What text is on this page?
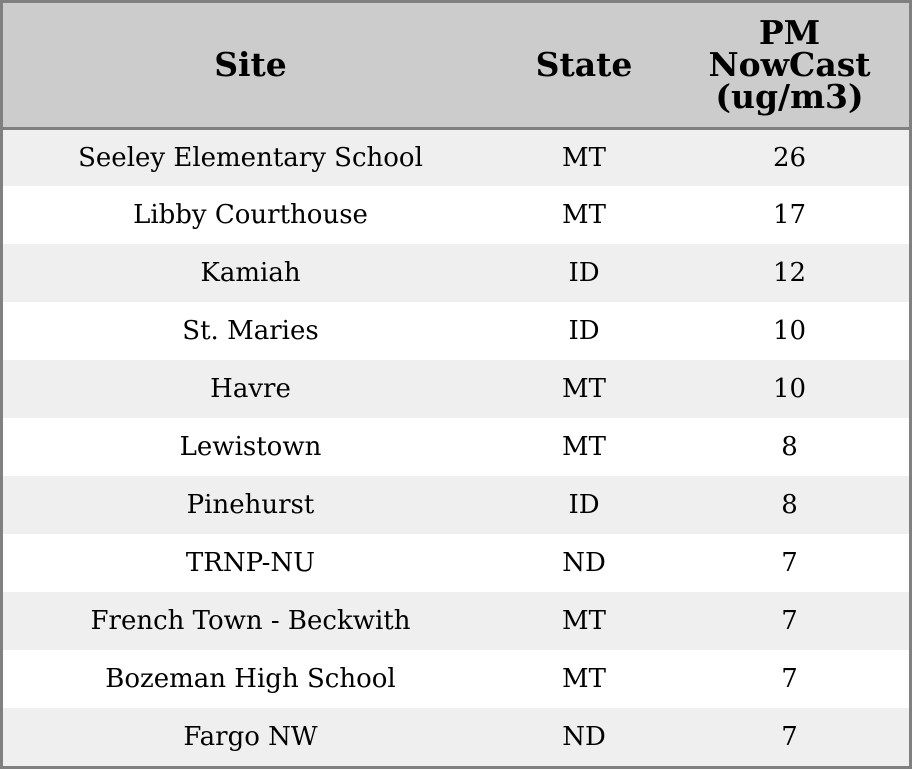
Site	State	PM
NowCast
(ug/m3)

Seeley Elementary School	MT	26
Libby Courthouse	MT	17
Kamiah	ID	12
St. Maries	ID	10
Havre	MT	10
Lewistown	MT	8
Pinehurst	ID	8
TRNP-NU	ND	7
French Town - Beckwith	MT	7
Bozeman High School	MT	7
Fargo NW	ND	7
